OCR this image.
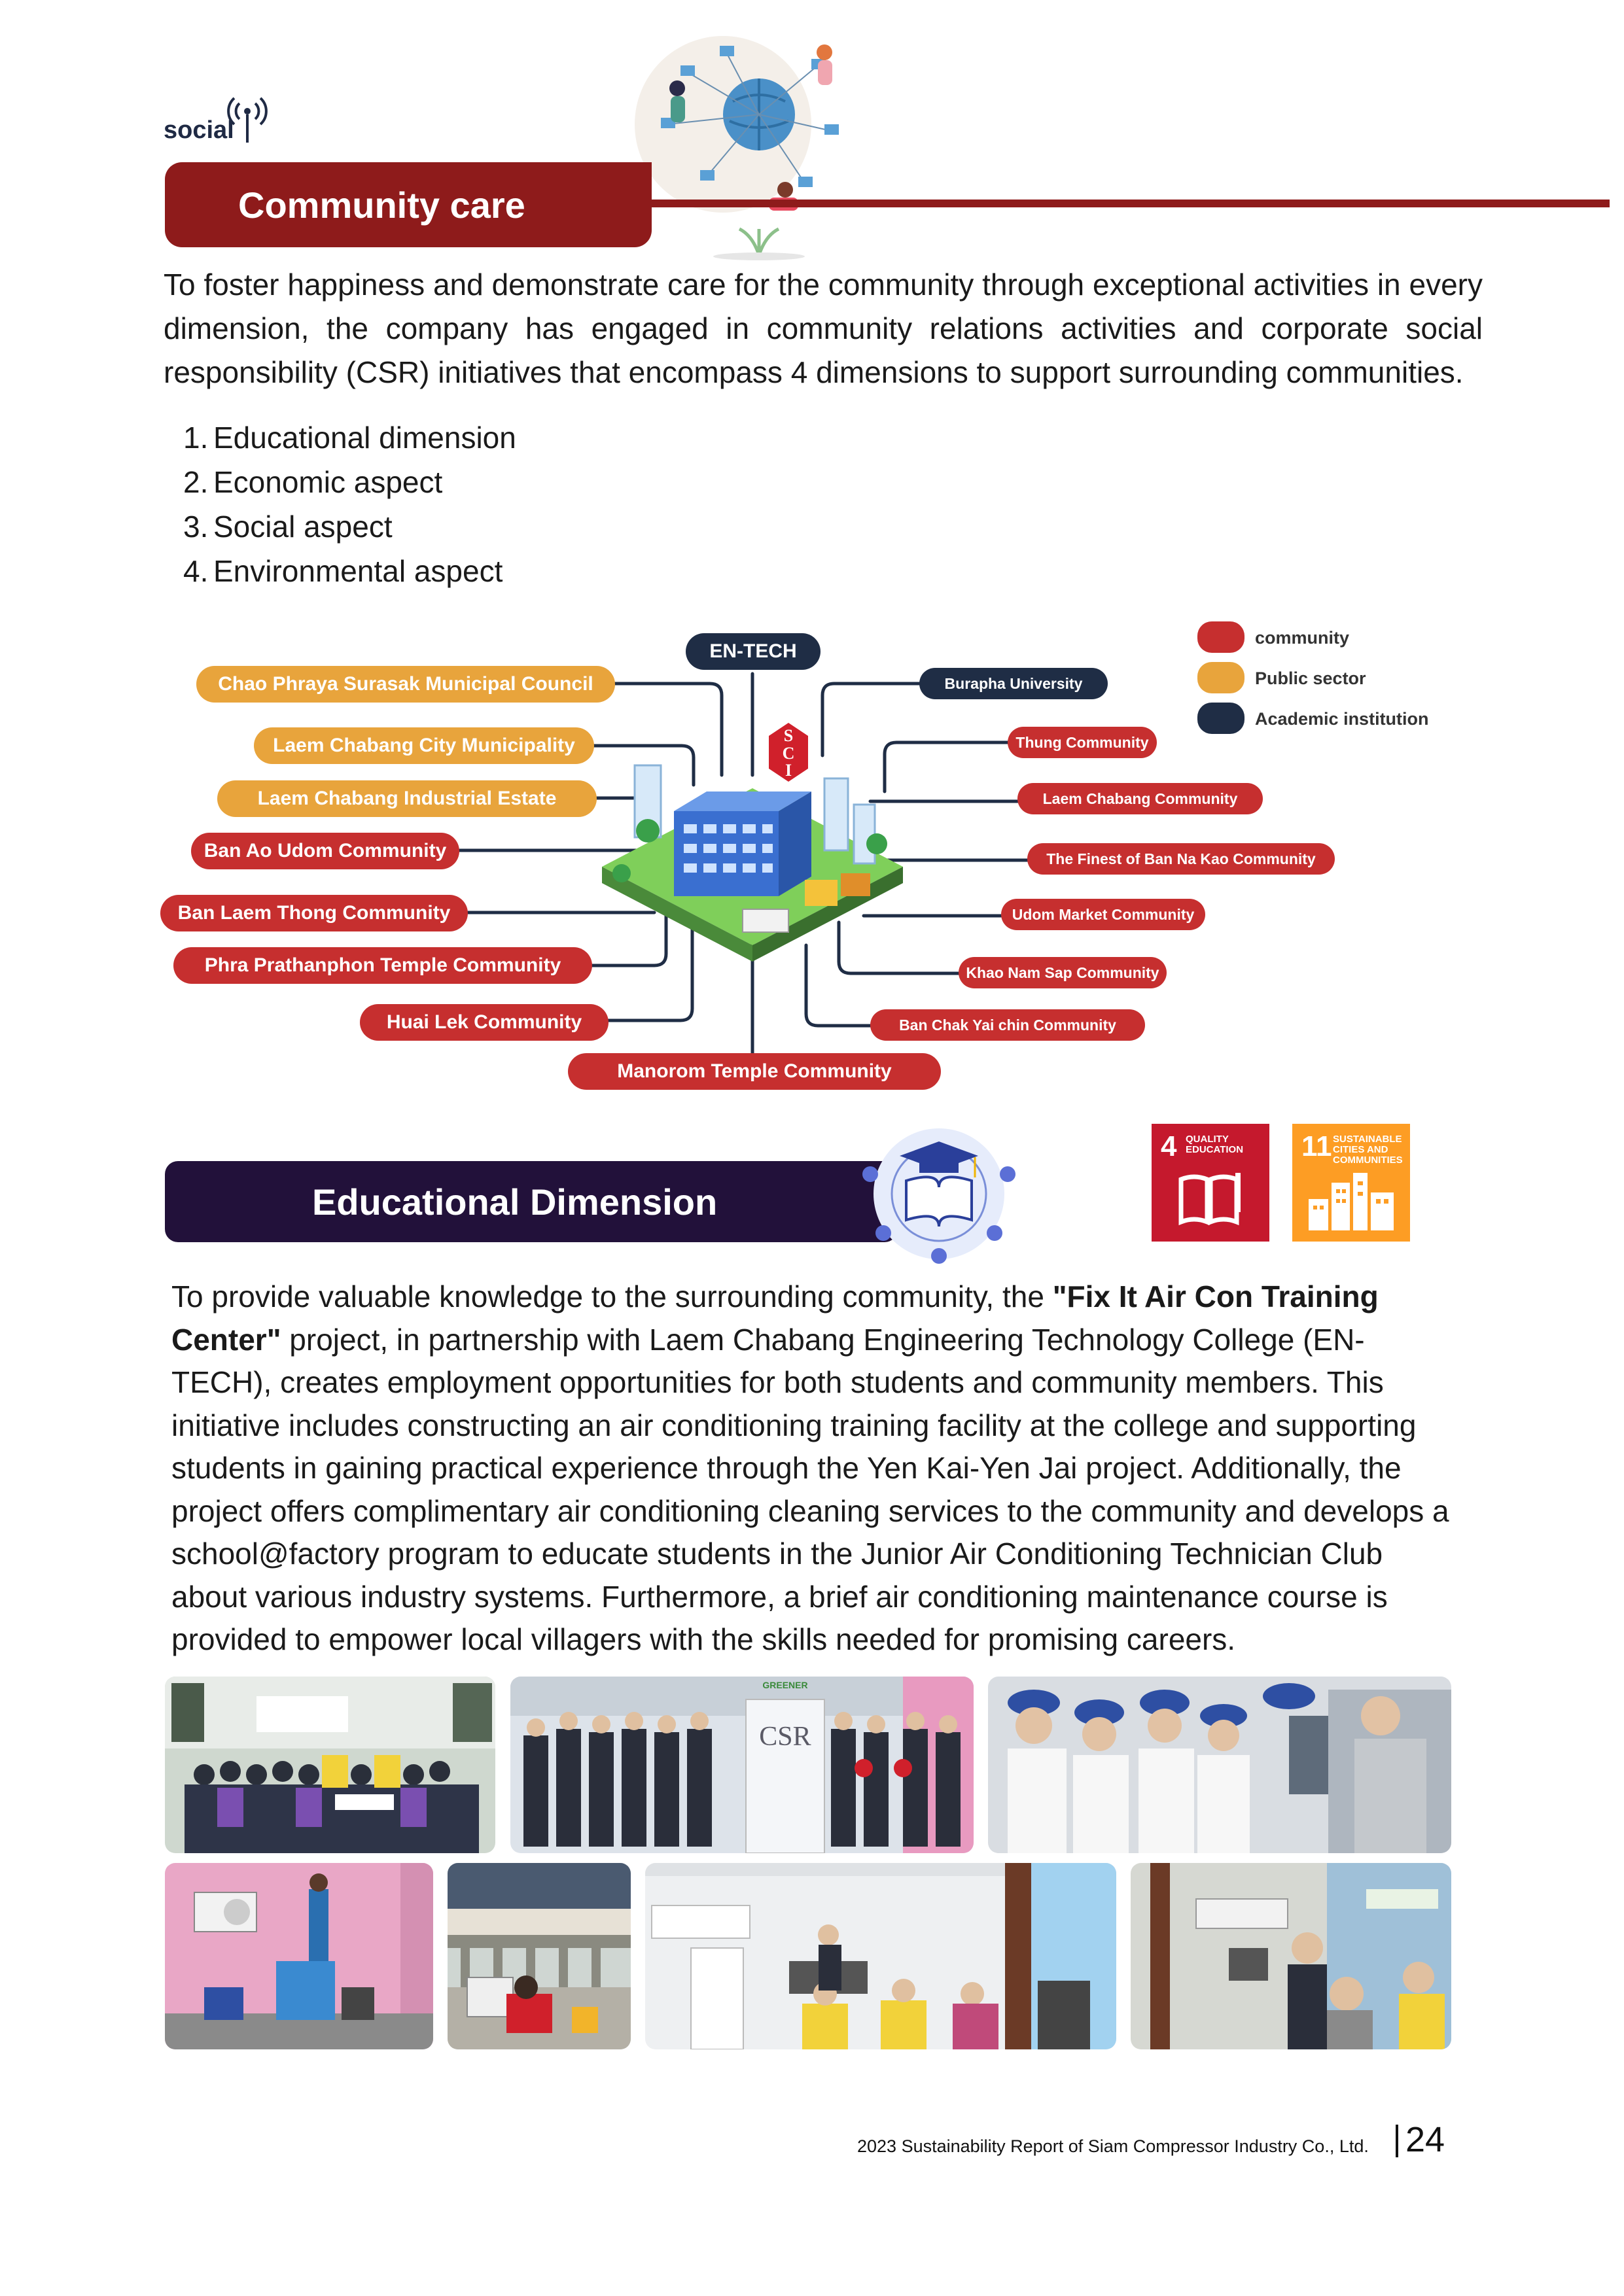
social
Community care
To foster happiness and demonstrate care for the community through exceptional activities in every dimension, the company has engaged in community relations activities and corporate social responsibility (CSR) initiatives that encompass 4 dimensions to support surrounding communities.
1. Educational dimension
2. Economic aspect
3. Social aspect
4. Environmental aspect
S
C
I
EN-TECH
Chao Phraya Surasak Municipal Council
Laem Chabang City Municipality
Laem Chabang Industrial Estate
Ban Ao Udom Community
Ban Laem Thong Community
Phra Prathanphon Temple Community
Huai Lek Community
Manorom Temple Community
Burapha University
Thung Community
Laem Chabang Community
The Finest of Ban Na Kao Community
Udom Market Community
Khao Nam Sap Community
Ban Chak Yai chin Community
community
Public sector
Academic institution
Educational Dimension
4 QUALITY EDUCATION	11 SUSTAINABLE CITIES AND COMMUNITIES
To provide valuable knowledge to the surrounding community, the "Fix It Air Con Training Center" project, in partnership with Laem Chabang Engineering Technology College (EN-TECH), creates employment opportunities for both students and community members. This initiative includes constructing an air conditioning training facility at the college and supporting students in gaining practical experience through the Yen Kai-Yen Jai project. Additionally, the project offers complimentary air conditioning cleaning services to the community and develops a school@factory program to educate students in the Junior Air Conditioning Technician Club about various industry systems. Furthermore, a brief air conditioning maintenance course is provided to empower local villagers with the skills needed for promising careers.
CSR
GREENER
2023 Sustainability Report of Siam Compressor Industry Co., Ltd. 24
